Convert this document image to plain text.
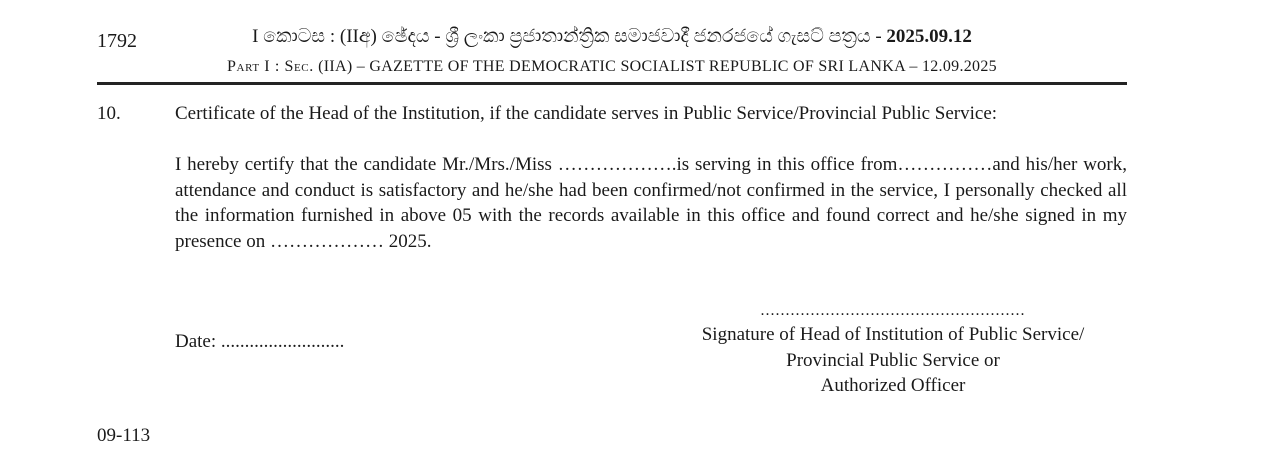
1792	I කොටස : (IIඅ) ඡේදය - ශ්‍රී ලංකා ප්‍රජාතාන්ත්‍රික සමාජවාදී ජනරජයේ ගැසට් පත්‍රය - 2025.09.12
Part I : Sec. (IIA) – GAZETTE OF THE DEMOCRATIC SOCIALIST REPUBLIC OF SRI LANKA – 12.09.2025
10.	Certificate of the Head of the Institution, if the candidate serves in Public Service/Provincial Public Service:
I hereby certify that the candidate Mr./Mrs./Miss ……………….is serving in this office from……………and his/her work, attendance and conduct is satisfactory and he/she had been confirmed/not confirmed in the service, I personally checked all the information furnished in above 05 with the records available in this office and found correct and he/she signed in my presence on ……………… 2025.
Date: ..........................
.....................................................
Signature of Head of Institution of Public Service/
Provincial Public Service or
Authorized Officer
09-113
